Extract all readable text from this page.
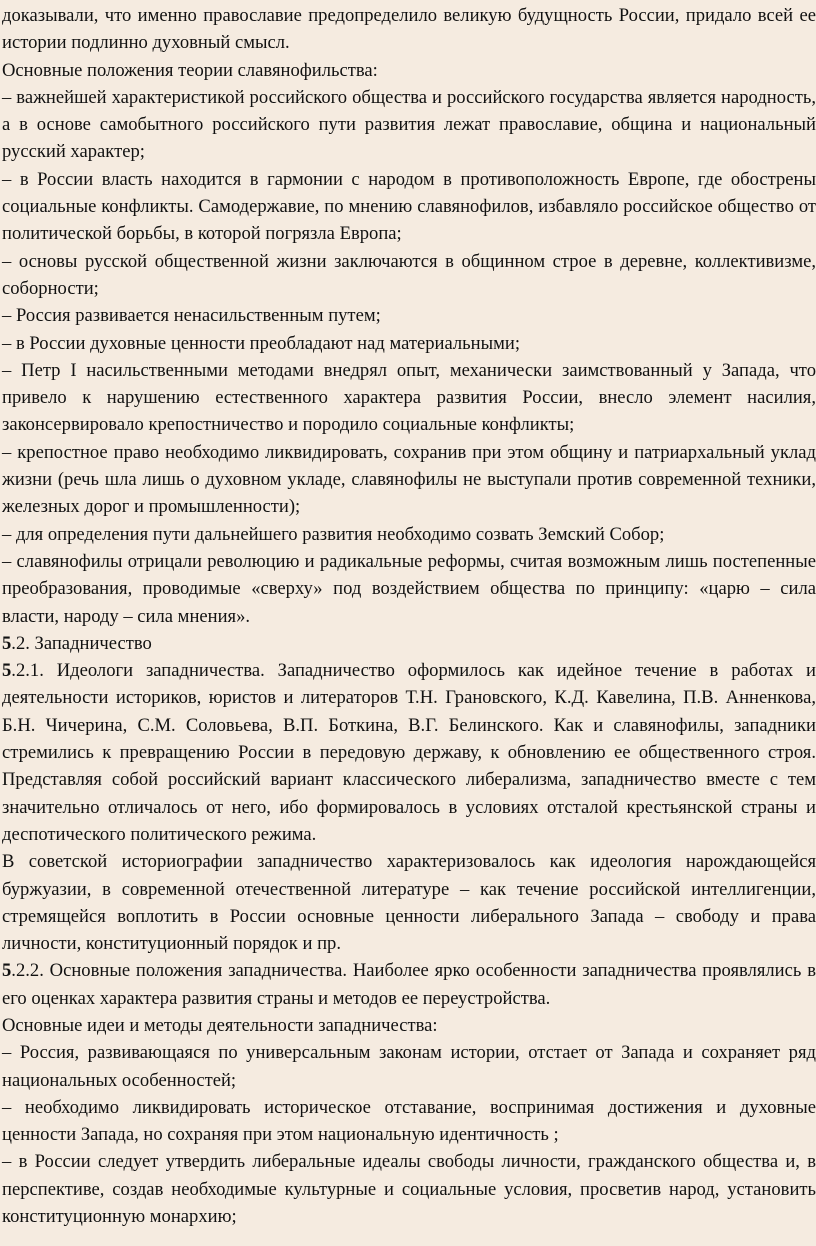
доказывали, что именно православие предопределило великую будущность России, придало всей ее истории подлинно духовный смысл.

Основные положения теории славянофильства:

– важнейшей характеристикой российского общества и российского государства является народность, а в основе самобытного российского пути развития лежат православие, община и национальный русский характер;

– в России власть находится в гармонии с народом в противоположность Европе, где обострены социальные конфликты. Самодержавие, по мнению славянофилов, избавляло российское общество от политической борьбы, в которой погрязла Европа;

– основы русской общественной жизни заключаются в общинном строе в деревне, коллективизме, соборности;

– Россия развивается ненасильственным путем;

– в России духовные ценности преобладают над материальными;

– Петр I насильственными методами внедрял опыт, механически заимствованный у Запада, что привело к нарушению естественного характера развития России, внесло элемент насилия, законсервировало крепостничество и породило социальные конфликты;

– крепостное право необходимо ликвидировать, сохранив при этом общину и патриархальный уклад жизни (речь шла лишь о духовном укладе, славянофилы не выступали против современной техники, железных дорог и промышленности);

– для определения пути дальнейшего развития необходимо созвать Земский Собор;

– славянофилы отрицали революцию и радикальные реформы, считая возможным лишь постепенные преобразования, проводимые «сверху» под воздействием общества по принципу: «царю – сила власти, народу – сила мнения».

5.2. Западничество

5.2.1. Идеологи западничества. Западничество оформилось как идейное течение в работах и деятельности историков, юристов и литераторов Т.Н. Грановского, К.Д. Кавелина, П.В. Анненкова, Б.Н. Чичерина, С.М. Соловьева, В.П. Боткина, В.Г. Белинского. Как и славянофилы, западники стремились к превращению России в передовую державу, к обновлению ее общественного строя. Представляя собой российский вариант классического либерализма, западничество вместе с тем значительно отличалось от него, ибо формировалось в условиях отсталой крестьянской страны и деспотического политического режима.

В советской историографии западничество характеризовалось как идеология нарождающейся буржуазии, в современной отечественной литературе – как течение российской интеллигенции, стремящейся воплотить в России основные ценности либерального Запада – свободу и права личности, конституционный порядок и пр.

5.2.2. Основные положения западничества. Наиболее ярко особенности западничества проявлялись в его оценках характера развития страны и методов ее переустройства.

Основные идеи и методы деятельности западничества:

– Россия, развивающаяся по универсальным законам истории, отстает от Запада и сохраняет ряд национальных особенностей;

– необходимо ликвидировать историческое отставание, воспринимая достижения и духовные ценности Запада, но сохраняя при этом национальную идентичность ;

– в России следует утвердить либеральные идеалы свободы личности, гражданского общества и, в перспективе, создав необходимые культурные и социальные условия, просветив народ, установить конституционную монархию;
